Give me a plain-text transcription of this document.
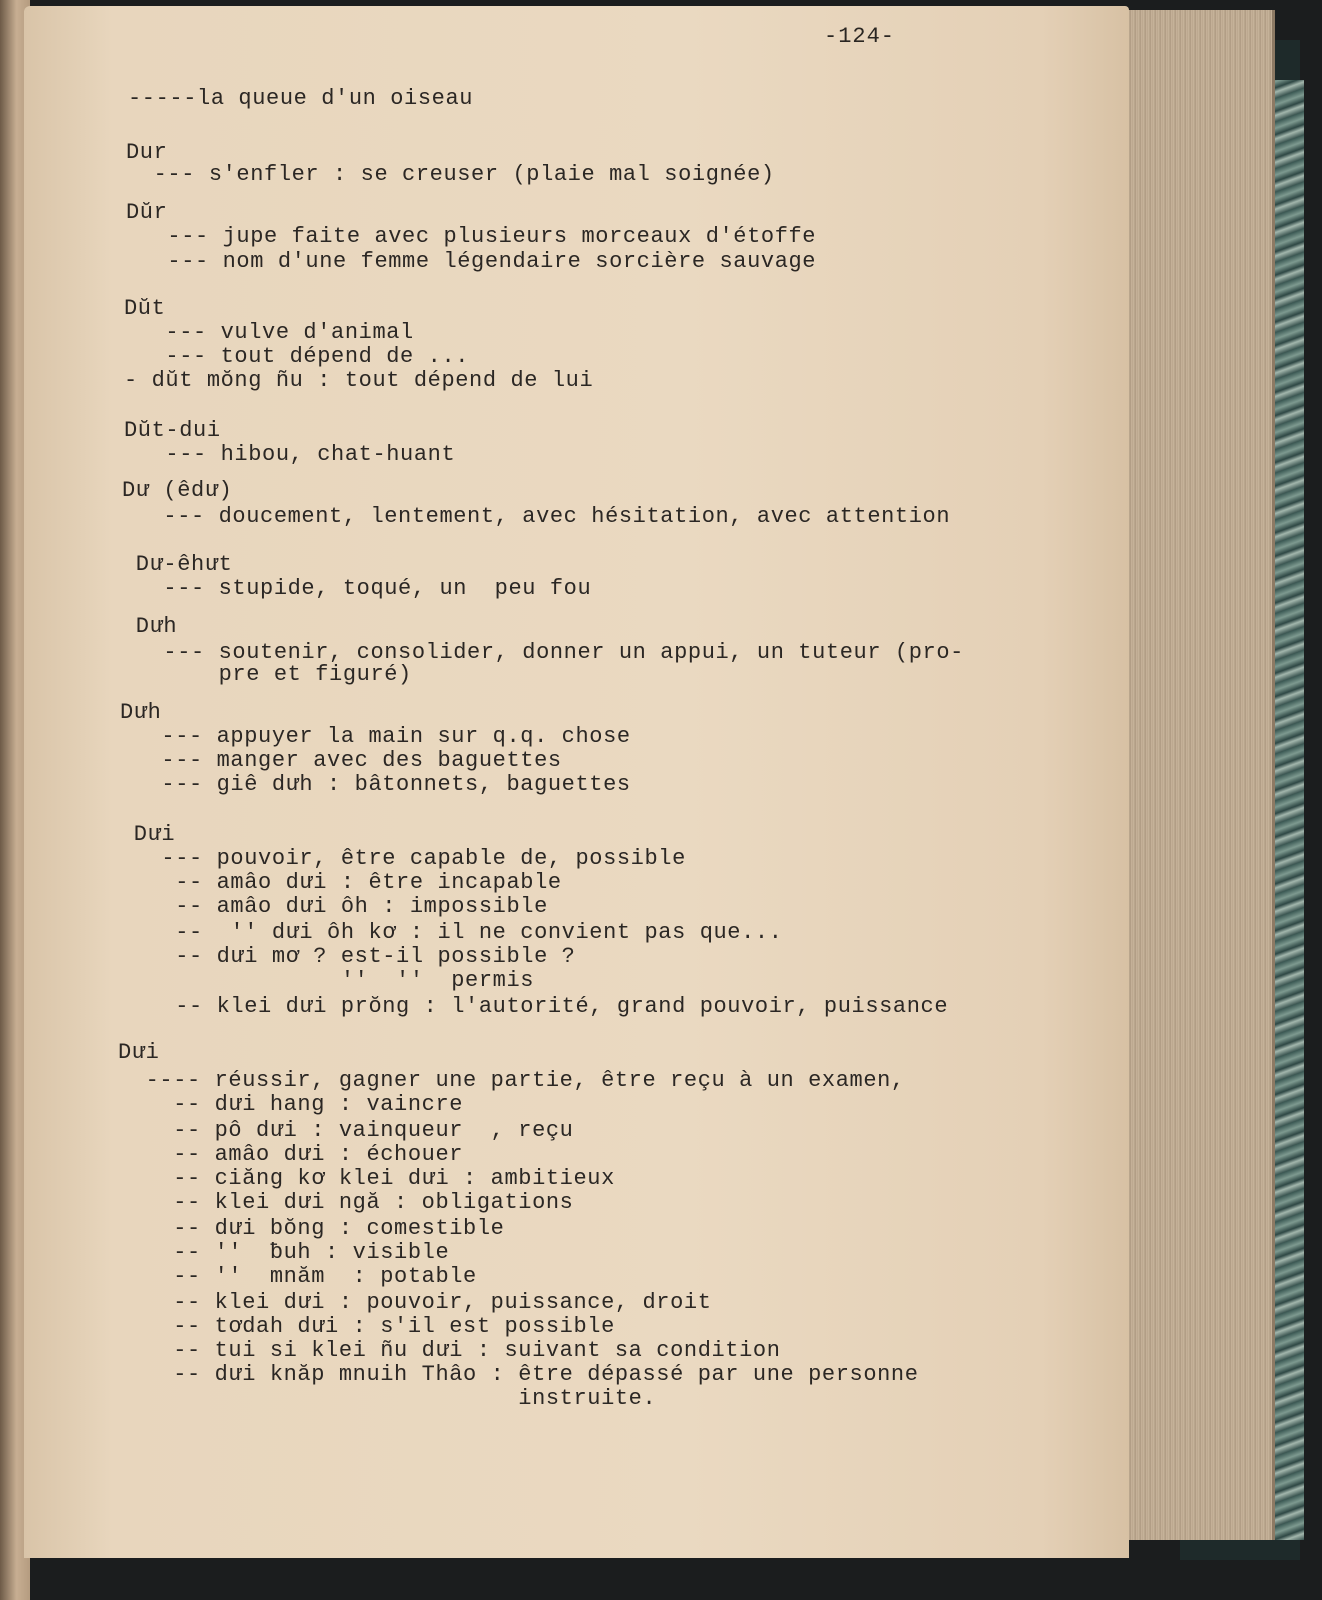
-124-
-----la queue d'un oiseau
Dur
--- s'enfler : se creuser (plaie mal soignée)
Dŭr
--- jupe faite avec plusieurs morceaux d'étoffe
--- nom d'une femme légendaire sorcière sauvage
Dŭt
--- vulve d'animal
--- tout dépend de ...
- dŭt mŏng ñu : tout dépend de lui
Dŭt-dui
--- hibou, chat-huant
Dư (êdư)
--- doucement, lentement, avec hésitation, avec attention
Dư-êhưt
--- stupide, toqué, un  peu fou
Dưh
--- soutenir, consolider, donner un appui, un tuteur (pro-
pre et figuré)
Dưh
--- appuyer la main sur q.q. chose
--- manger avec des baguettes
--- giê dưh : bâtonnets, baguettes
Dưi
--- pouvoir, être capable de, possible
-- amâo dưi : être incapable
-- amâo dưi ôh : impossible
--  '' dưi ôh kơ : il ne convient pas que...
-- dưi mơ ? est-il possible ?
''  ''  permis
-- klei dưi prŏng : l'autorité, grand pouvoir, puissance
Dưi
---- réussir, gagner une partie, être reçu à un examen,
-- dưi hang : vaincre
-- pô dưi : vainqueur  , reçu
-- amâo dưi : échouer
-- ciăng kơ klei dưi : ambitieux
-- klei dưi ngă : obligations
-- dưi bŏng : comestible
-- ''  ƀuh : visible
-- ''  mnăm  : potable
-- klei dưi : pouvoir, puissance, droit
-- tơdah dưi : s'il est possible
-- tui si klei ñu dưi : suivant sa condition
-- dưi knăp mnuih Thâo : être dépassé par une personne
instruite.
